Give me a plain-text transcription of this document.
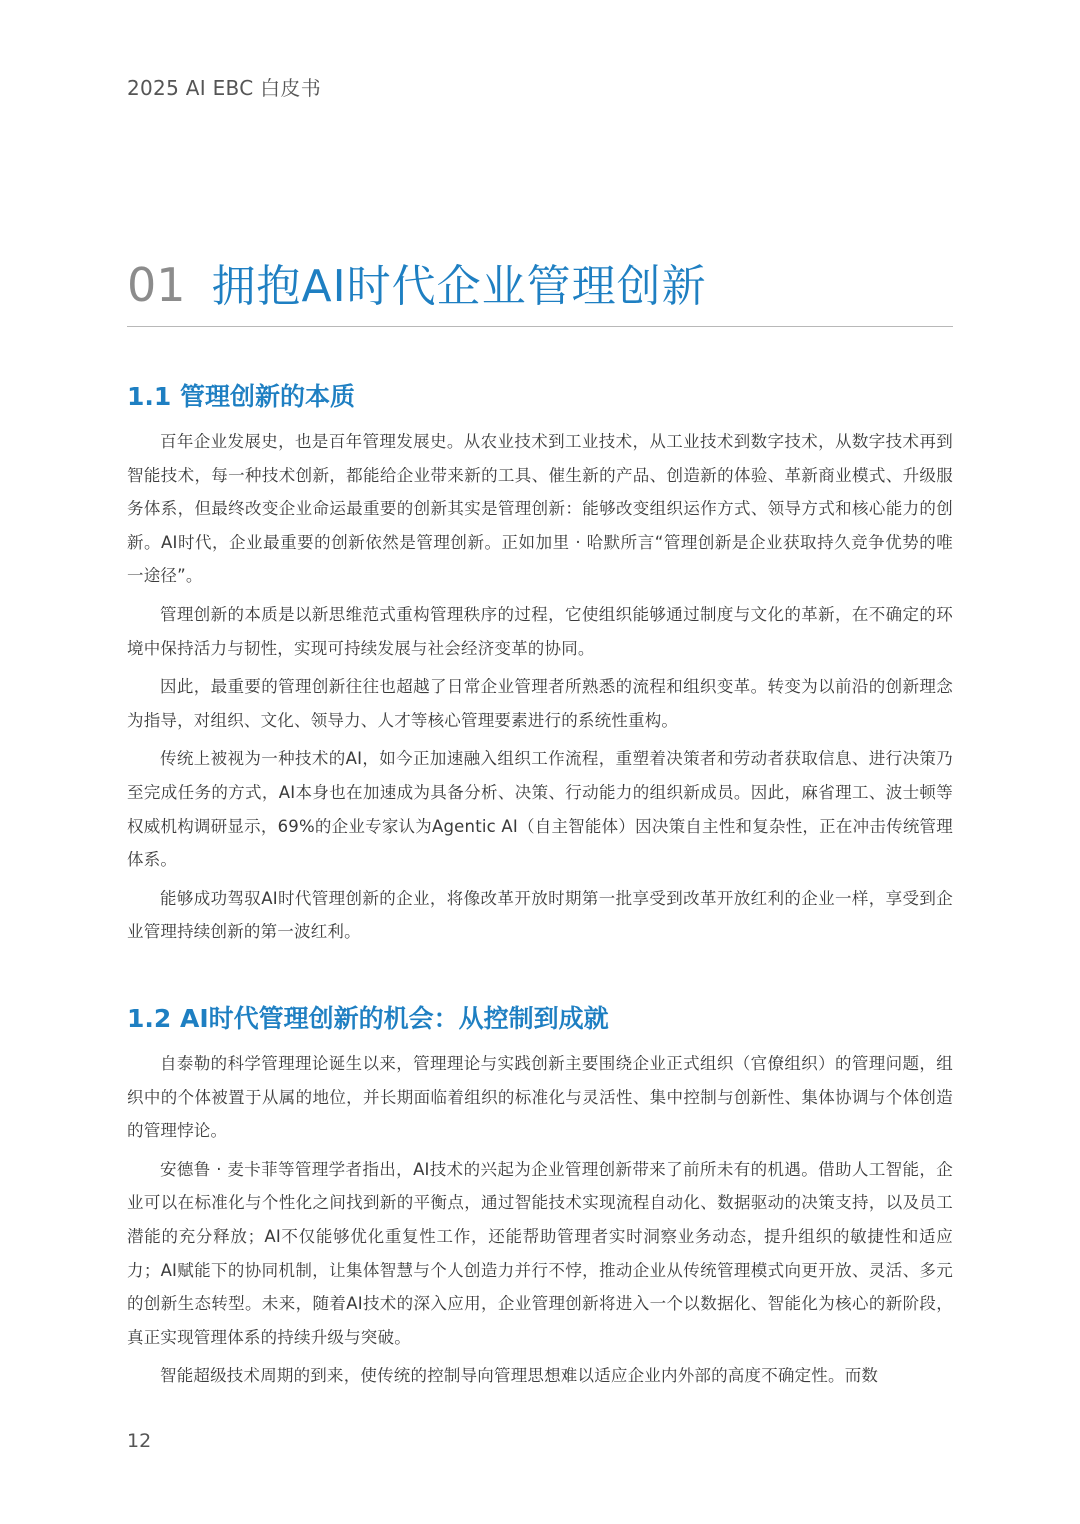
2025 AI EBC 白皮书
01 拥抱AI时代企业管理创新
1.1 管理创新的本质

百年企业发展史，也是百年管理发展史。从农业技术到工业技术，从工业技术到数字技术，从数字技术再到智能技术，每一种技术创新，都能给企业带来新的工具、催生新的产品、创造新的体验、革新商业模式、升级服务体系，但最终改变企业命运最重要的创新其实是管理创新：能够改变组织运作方式、领导方式和核心能力的创新。AI时代，企业最重要的创新依然是管理创新。正如加里 · 哈默所言“管理创新是企业获取持久竞争优势的唯一途径”。

管理创新的本质是以新思维范式重构管理秩序的过程，它使组织能够通过制度与文化的革新，在不确定的环境中保持活力与韧性，实现可持续发展与社会经济变革的协同。

因此，最重要的管理创新往往也超越了日常企业管理者所熟悉的流程和组织变革。转变为以前沿的创新理念为指导，对组织、文化、领导力、人才等核心管理要素进行的系统性重构。

传统上被视为一种技术的AI，如今正加速融入组织工作流程，重塑着决策者和劳动者获取信息、进行决策乃至完成任务的方式，AI本身也在加速成为具备分析、决策、行动能力的组织新成员。因此，麻省理工、波士顿等权威机构调研显示，69%的企业专家认为Agentic AI（自主智能体）因决策自主性和复杂性，正在冲击传统管理体系。

能够成功驾驭AI时代管理创新的企业，将像改革开放时期第一批享受到改革开放红利的企业一样，享受到企业管理持续创新的第一波红利。

1.2 AI时代管理创新的机会：从控制到成就

自泰勒的科学管理理论诞生以来，管理理论与实践创新主要围绕企业正式组织（官僚组织）的管理问题，组织中的个体被置于从属的地位，并长期面临着组织的标准化与灵活性、集中控制与创新性、集体协调与个体创造的管理悖论。

安德鲁 · 麦卡菲等管理学者指出，AI技术的兴起为企业管理创新带来了前所未有的机遇。借助人工智能，企业可以在标准化与个性化之间找到新的平衡点，通过智能技术实现流程自动化、数据驱动的决策支持，以及员工潜能的充分释放；AI不仅能够优化重复性工作，还能帮助管理者实时洞察业务动态，提升组织的敏捷性和适应力；AI赋能下的协同机制，让集体智慧与个人创造力并行不悖，推动企业从传统管理模式向更开放、灵活、多元的创新生态转型。未来，随着AI技术的深入应用，企业管理创新将进入一个以数据化、智能化为核心的新阶段，真正实现管理体系的持续升级与突破。

智能超级技术周期的到来，使传统的控制导向管理思想难以适应企业内外部的高度不确定性。而数

12
